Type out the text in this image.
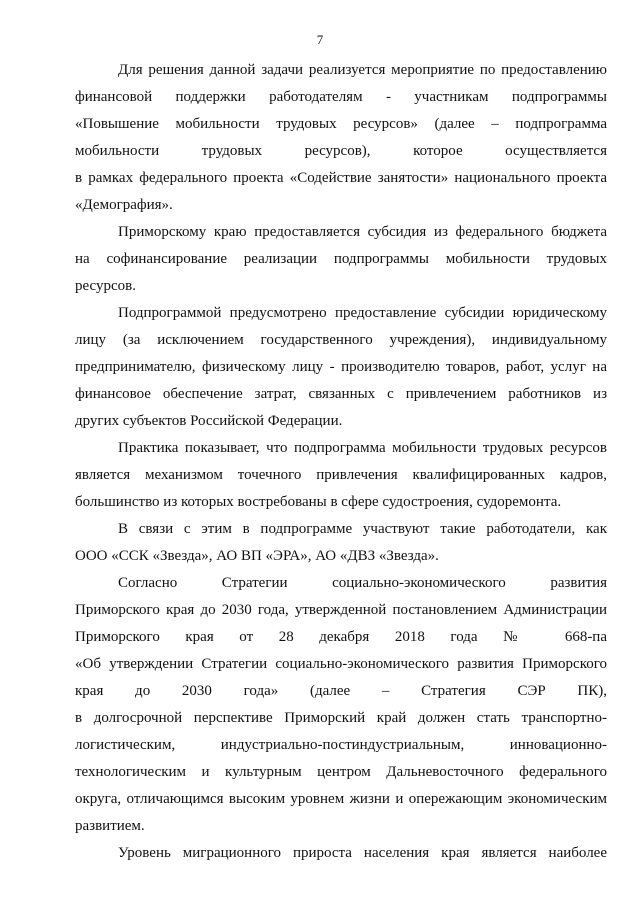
7
Для решения данной задачи реализуется мероприятие по предоставлению
финансовой поддержки работодателям - участникам подпрограммы
«Повышение мобильности трудовых ресурсов» (далее – подпрограмма
мобильности трудовых ресурсов), которое осуществляется
в рамках федерального проекта «Содействие занятости» национального проекта
«Демография».
Приморскому краю предоставляется субсидия из федерального бюджета
на софинансирование реализации подпрограммы мобильности трудовых
ресурсов.
Подпрограммой предусмотрено предоставление субсидии юридическому
лицу (за исключением государственного учреждения), индивидуальному
предпринимателю, физическому лицу - производителю товаров, работ, услуг на
финансовое обеспечение затрат, связанных с привлечением работников из
других субъектов Российской Федерации.
Практика показывает, что подпрограмма мобильности трудовых ресурсов
является механизмом точечного привлечения квалифицированных кадров,
большинство из которых востребованы в сфере судостроения, судоремонта.
В связи с этим в подпрограмме участвуют такие работодатели, как
ООО «ССК «Звезда», АО ВП «ЭРА», АО «ДВЗ «Звезда».
Согласно Стратегии социально-экономического развития
Приморского края до 2030 года, утвержденной постановлением Администрации
Приморского края от 28 декабря 2018 года № 668-па
«Об утверждении Стратегии социально-экономического развития Приморского
края до 2030 года» (далее – Стратегия СЭР ПК),
в долгосрочной перспективе Приморский край должен стать транспортно-
логистическим, индустриально-постиндустриальным, инновационно-
технологическим и культурным центром Дальневосточного федерального
округа, отличающимся высоким уровнем жизни и опережающим экономическим
развитием.
Уровень миграционного прироста населения края является наиболее
